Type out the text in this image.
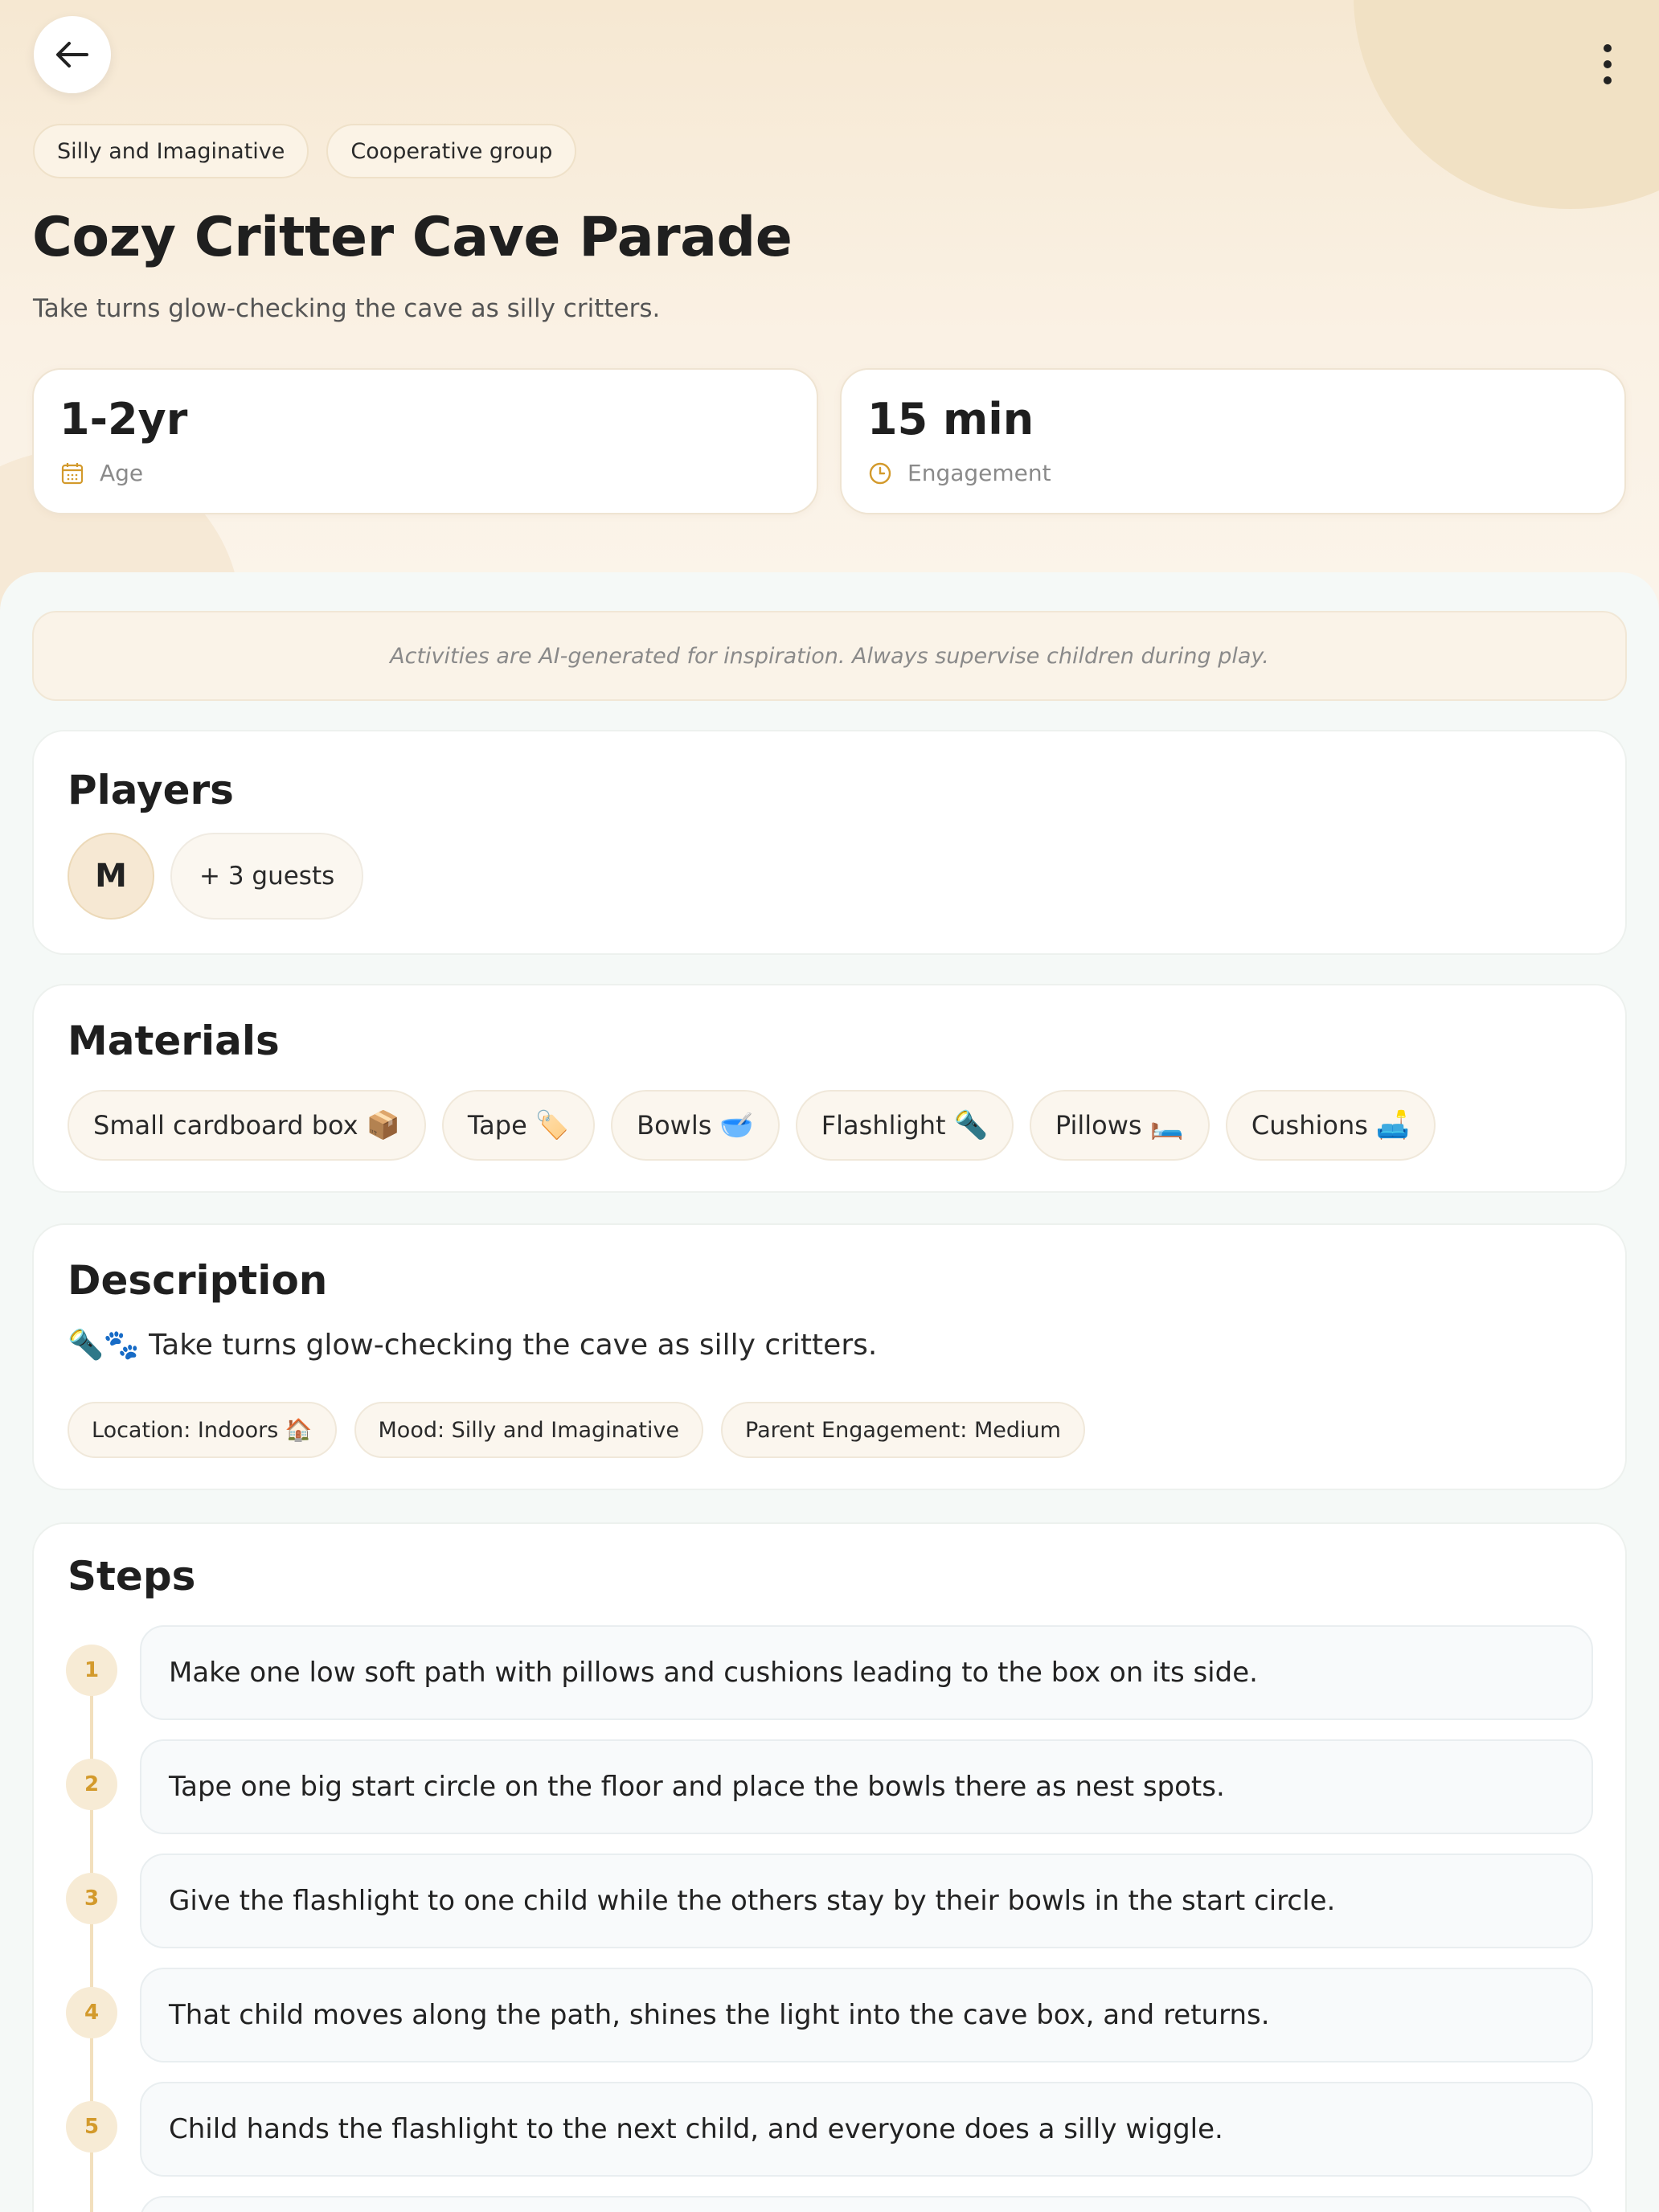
Silly and Imaginative	Cooperative group
Cozy Critter Cave Parade
Take turns glow-checking the cave as silly critters.
1-2yr
Age
15 min
Engagement
Activities are AI-generated for inspiration. Always supervise children during play.
Players
M	+ 3 guests
Materials
Small cardboard box 📦	Tape 🏷️	Bowls 🥣	Flashlight 🔦	Pillows 🛏️	Cushions 🛋️
Description
🔦🐾 Take turns glow-checking the cave as silly critters.
Location: Indoors 🏠	Mood: Silly and Imaginative	Parent Engagement: Medium
Steps
1	Make one low soft path with pillows and cushions leading to the box on its side.
2	Tape one big start circle on the floor and place the bowls there as nest spots.
3	Give the flashlight to one child while the others stay by their bowls in the start circle.
4	That child moves along the path, shines the light into the cave box, and returns.
5	Child hands the flashlight to the next child, and everyone does a silly wiggle.
